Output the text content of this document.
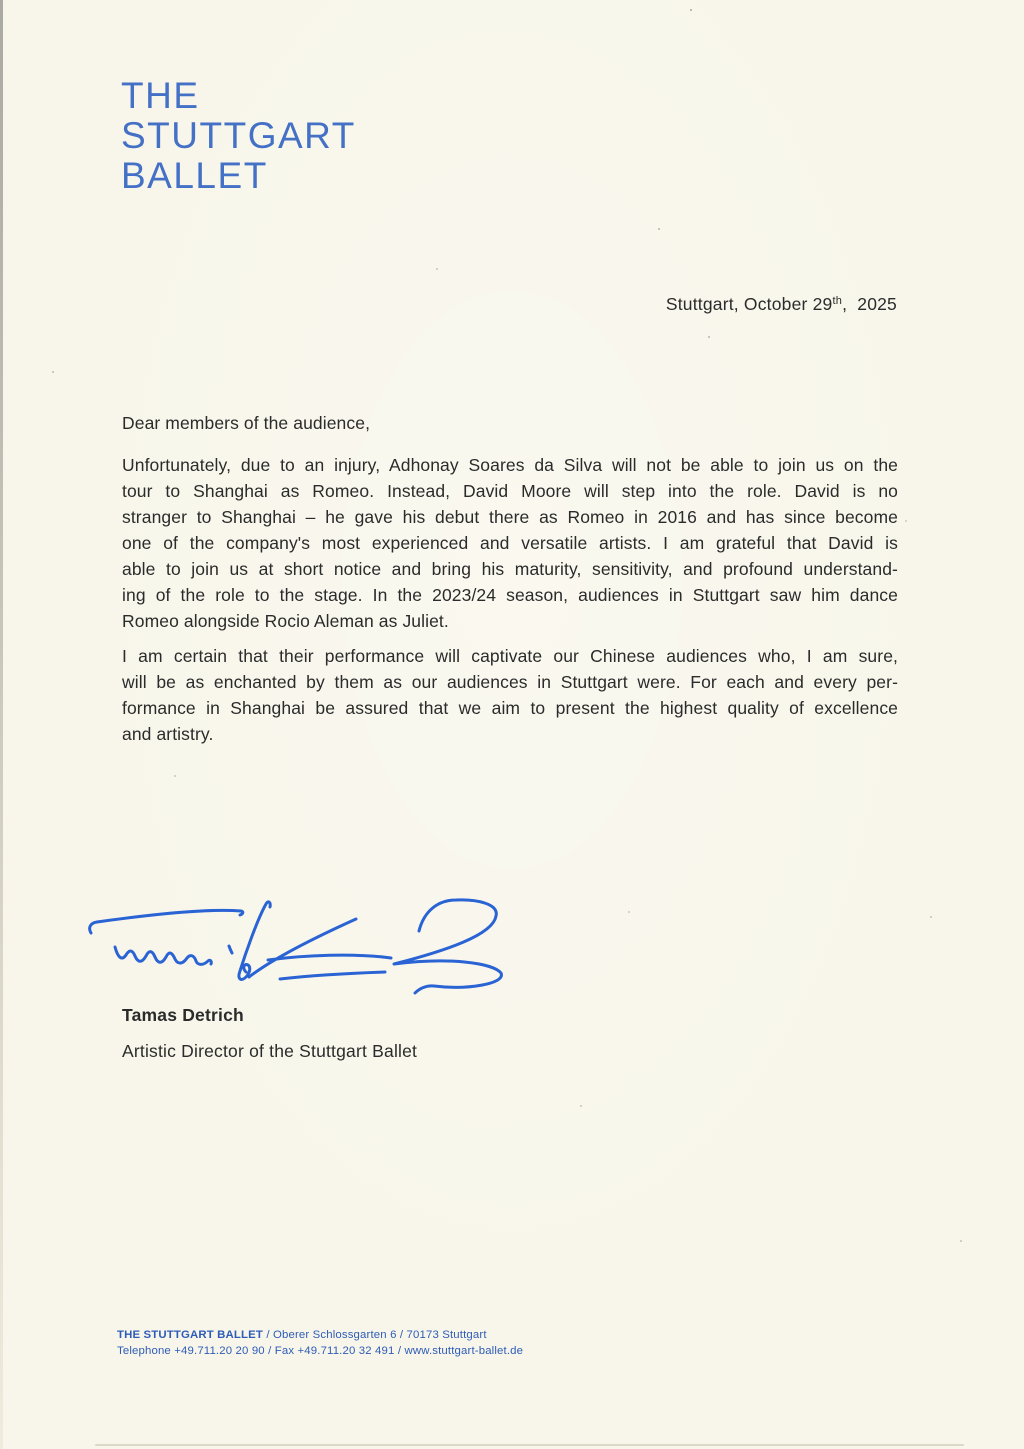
THE
STUTTGART
BALLET
Stuttgart, October 29th,  2025
Dear members of the audience,
Unfortunately, due to an injury, Adhonay Soares da Silva will not be able to join us on the
tour to Shanghai as Romeo. Instead, David Moore will step into the role. David is no
stranger to Shanghai – he gave his debut there as Romeo in 2016 and has since become
one of the company's most experienced and versatile artists. I am grateful that David is
able to join us at short notice and bring his maturity, sensitivity, and profound understand-
ing of the role to the stage. In the 2023/24 season, audiences in Stuttgart saw him dance
Romeo alongside Rocio Aleman as Juliet.
I am certain that their performance will captivate our Chinese audiences who, I am sure,
will be as enchanted by them as our audiences in Stuttgart were. For each and every per-
formance in Shanghai be assured that we aim to present the highest quality of excellence
and artistry.
Tamas Detrich
Artistic Director of the Stuttgart Ballet
THE STUTTGART BALLET / Oberer Schlossgarten 6 / 70173 Stuttgart
Telephone +49.711.20 20 90 / Fax +49.711.20 32 491 / www.stuttgart-ballet.de
